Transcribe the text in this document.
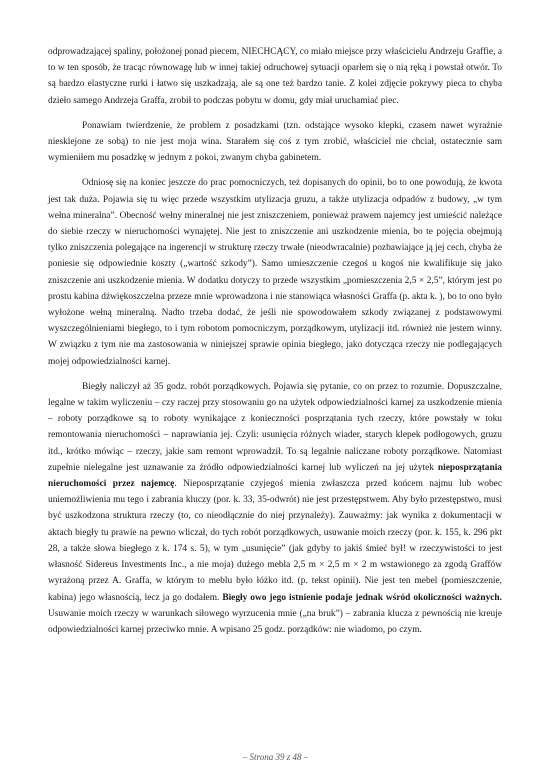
odprowadzającej spaliny, położonej ponad piecem, NIECHCĄCY, co miało miejsce przy właścicielu Andrzeju Graffie, a to w ten sposób, że tracąc równowagę lub w innej takiej odruchowej sytuacji oparłem się o nią ręką i powstał otwór. To są bardzo elastyczne rurki i łatwo się uszkadzają, ale są one też bardzo tanie. Z kolei zdjęcie pokrywy pieca to chyba dzieło samego Andrzeja Graffa, zrobił to podczas pobytu w domu, gdy miał uruchamiać piec.

Ponawiam twierdzenie, że problem z posadzkami (tzn. odstające wysoko klepki, czasem nawet wyraźnie niesklejone ze sobą) to nie jest moja wina. Starałem się coś z tym zrobić, właściciel nie chciał, ostatecznie sam wymieniłem mu posadzkę w jednym z pokoi, zwanym chyba gabinetem.

Odniosę się na koniec jeszcze do prac pomocniczych, też dopisanych do opinii, bo to one powodują, że kwota jest tak duża. Pojawia się tu więc przede wszystkim utylizacja gruzu, a także utylizacja odpadów z budowy, „w tym wełna mineralna”. Obecność wełny mineralnej nie jest zniszczeniem, ponieważ prawem najemcy jest umieścić należące do siebie rzeczy w nieruchomości wynajętej. Nie jest to zniszczenie ani uszkodzenie mienia, bo te pojęcia obejmują tylko zniszczenia polegające na ingerencji w strukturę rzeczy trwałe (nieodwracalnie) pozbawiające ją jej cech, chyba że poniesie się odpowiednie koszty („wartość szkody”). Samo umieszczenie czegoś u kogoś nie kwalifikuje się jako zniszczenie ani uszkodzenie mienia. W dodatku dotyczy to przede wszystkim „pomieszczenia 2,5 × 2,5”, którym jest po prostu kabina dźwiękoszczelna przeze mnie wprowadzona i nie stanowiąca własności Graffa (p. akta k. ), bo to ono było wyłożone wełną mineralną. Nadto trzeba dodać, że jeśli nie spowodowałem szkody związanej z podstawowymi wyszczególnieniami biegłego, to i tym robotom pomocniczym, porządkowym, utylizacji itd. również nie jestem winny. W związku z tym nie ma zastosowania w niniejszej sprawie opinia biegłego, jako dotycząca rzeczy nie podlegających mojej odpowiedzialności karnej.

Biegły naliczył aż 35 godz. robót porządkowych. Pojawia się pytanie, co on przez to rozumie. Dopuszczalne, legalne w takim wyliczeniu – czy raczej przy stosowaniu go na użytek odpowiedzialności karnej za uszkodzenie mienia – roboty porządkowe są to roboty wynikające z konieczności posprzątania tych rzeczy, które powstały w toku remontowania nieruchomości – naprawiania jej. Czyli: usunięcia różnych wiader, starych klepek podłogowych, gruzu itd., krótko mówiąc – rzeczy, jakie sam remont wprowadził. To są legalnie naliczane roboty porządkowe. Natomiast zupełnie nielegalne jest uznawanie za źródło odpowiedzialności karnej lub wyliczeń na jej użytek nieposprzątania nieruchomości przez najemcę. Nieposprzątanie czyjegoś mienia zwłaszcza przed końcem najmu lub wobec uniemożliwienia mu tego i zabrania kluczy (por. k. 33, 35-odwrót) nie jest przestępstwem. Aby było przestępstwo, musi być uszkodzona struktura rzeczy (to, co nieodłącznie do niej przynależy). Zauważmy: jak wynika z dokumentacji w aktach biegły tu prawie na pewno wliczał, do tych robót porządkowych, usuwanie moich rzeczy (por. k. 155, k. 296 pkt 28, a także słowa biegłego z k. 174 s. 5), w tym „usunięcie” (jak gdyby to jakiś śmieć był! w rzeczywistości to jest własność Sidereus Investments Inc., a nie moja) dużego mebla 2,5 m × 2,5 m × 2 m wstawionego za zgodą Graffów wyrażoną przez A. Graffa, w którym to meblu było łóżko itd. (p. tekst opinii). Nie jest ten mebel (pomieszczenie, kabina) jego własnością, lecz ja go dodałem. Biegły owo jego istnienie podaje jednak wśród okoliczności ważnych. Usuwanie moich rzeczy w warunkach siłowego wyrzucenia mnie („na bruk”) – zabrania klucza z pewnością nie kreuje odpowiedzialności karnej przeciwko mnie. A wpisano 25 godz. porządków: nie wiadomo, po czym.

– Strona 39 z 48 –
